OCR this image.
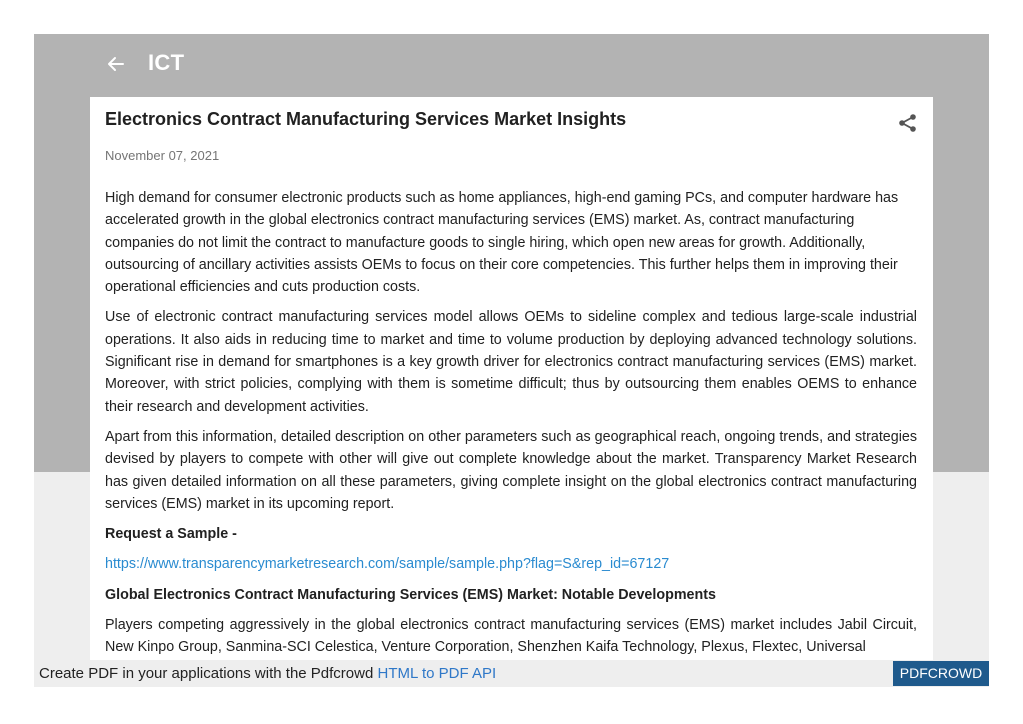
ICT
Electronics Contract Manufacturing Services Market Insights
November 07, 2021

High demand for consumer electronic products such as home appliances, high-end gaming PCs, and computer hardware has accelerated growth in the global electronics contract manufacturing services (EMS) market. As, contract manufacturing companies do not limit the contract to manufacture goods to single hiring, which open new areas for growth. Additionally, outsourcing of ancillary activities assists OEMs to focus on their core competencies. This further helps them in improving their operational efficiencies and cuts production costs.

Use of electronic contract manufacturing services model allows OEMs to sideline complex and tedious large-scale industrial operations. It also aids in reducing time to market and time to volume production by deploying advanced technology solutions. Significant rise in demand for smartphones is a key growth driver for electronics contract manufacturing services (EMS) market. Moreover, with strict policies, complying with them is sometime difficult; thus by outsourcing them enables OEMS to enhance their research and development activities.

Apart from this information, detailed description on other parameters such as geographical reach, ongoing trends, and strategies devised by players to compete with other will give out complete knowledge about the market. Transparency Market Research has given detailed information on all these parameters, giving complete insight on the global electronics contract manufacturing services (EMS) market in its upcoming report.

Request a Sample -

https://www.transparencymarketresearch.com/sample/sample.php?flag=S&rep_id=67127

Global Electronics Contract Manufacturing Services (EMS) Market: Notable Developments

Players competing aggressively in the global electronics contract manufacturing services (EMS) market includes Jabil Circuit, New Kinpo Group, Sanmina-SCI Celestica, Venture Corporation, Shenzhen Kaifa Technology, Plexus, Flextec, Universal

Create PDF in your applications with the Pdfcrowd HTML to PDF API	PDFCROWD
